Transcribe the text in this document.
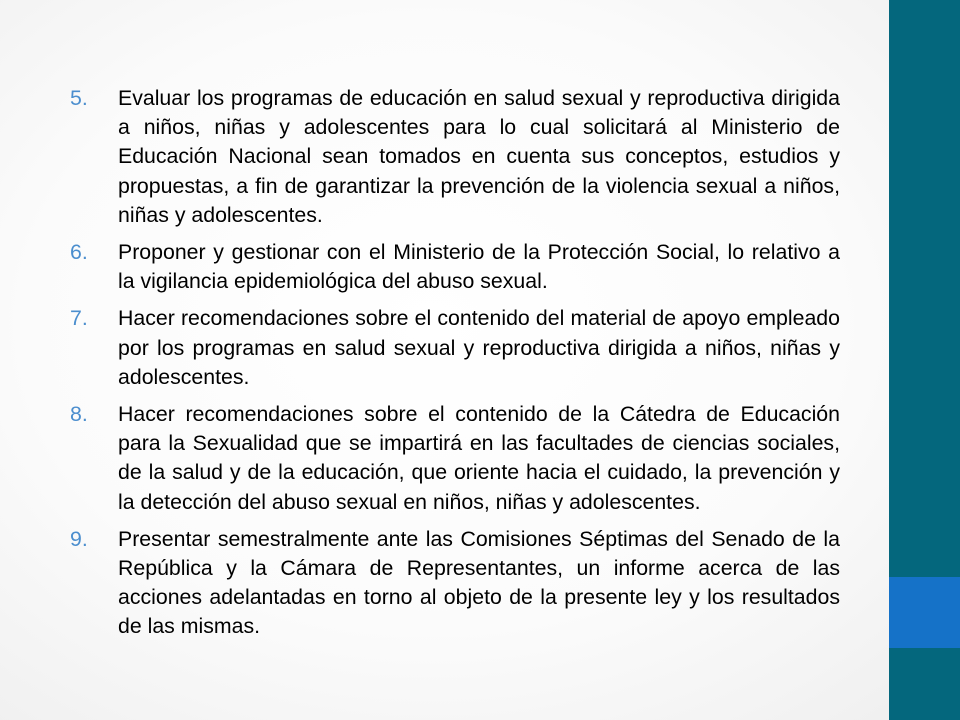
5.	Evaluar los programas de educación en salud sexual y reproductiva dirigida a niños, niñas y adolescentes para lo cual solicitará al Ministerio de Educación Nacional sean tomados en cuenta sus conceptos, estudios y propuestas, a fin de garantizar la prevención de la violencia sexual a niños, niñas y adolescentes.
6.	Proponer y gestionar con el Ministerio de la Protección Social, lo relativo a la vigilancia epidemiológica del abuso sexual.
7.	Hacer recomendaciones sobre el contenido del material de apoyo empleado por los programas en salud sexual y reproductiva dirigida a niños, niñas y adolescentes.
8.	Hacer recomendaciones sobre el contenido de la Cátedra de Educación para la Sexualidad que se impartirá en las facultades de ciencias sociales, de la salud y de la educación, que oriente hacia el cuidado, la prevención y la detección del abuso sexual en niños, niñas y adolescentes.
9.	Presentar semestralmente ante las Comisiones Séptimas del Senado de la República y la Cámara de Representantes, un informe acerca de las acciones adelantadas en torno al objeto de la presente ley y los resultados de las mismas.
